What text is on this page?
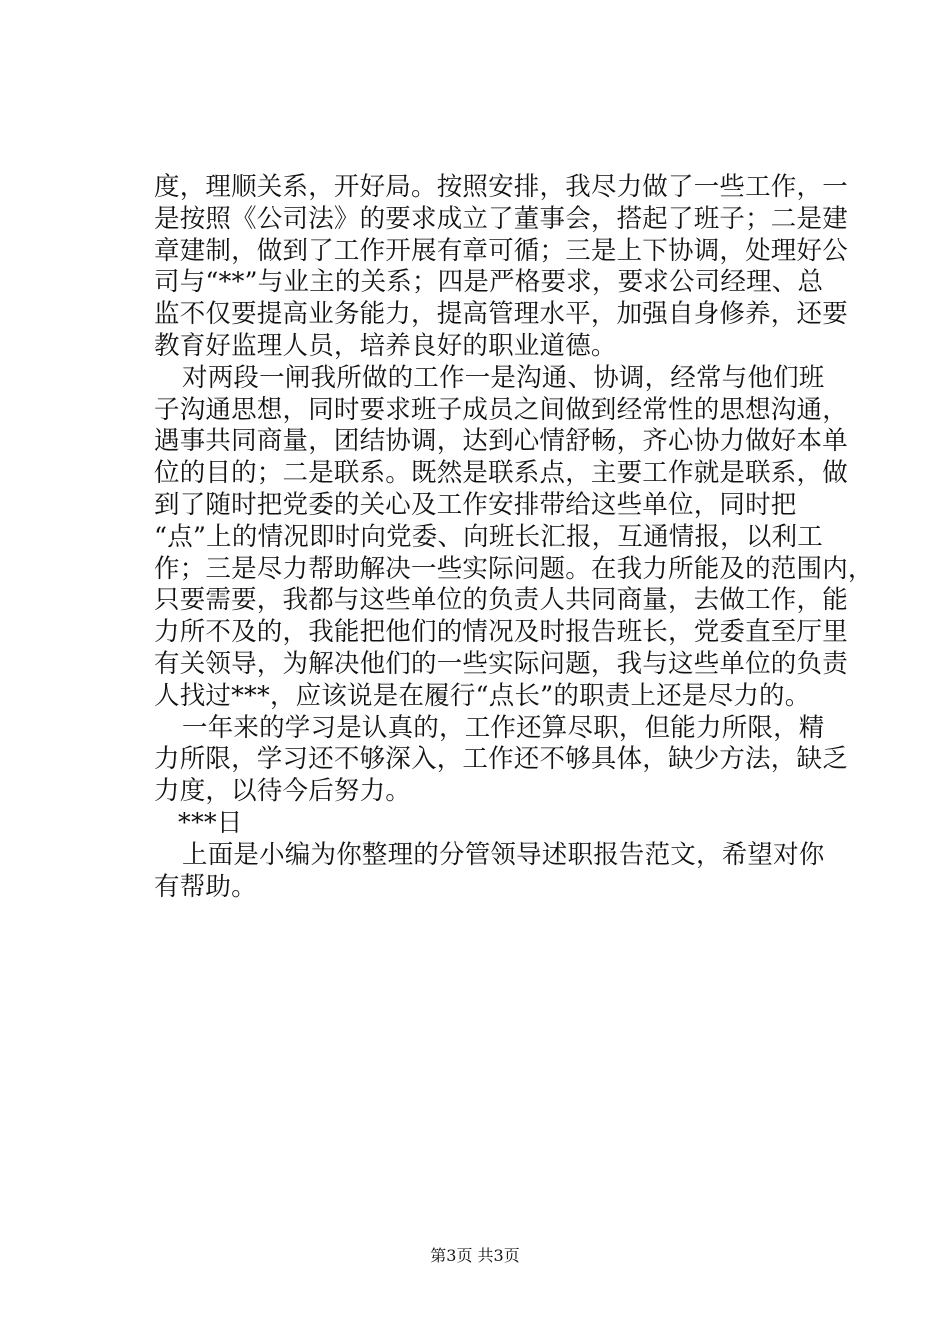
度，理顺关系，开好局。按照安排，我尽力做了一些工作，一
是按照《公司法》的要求成立了董事会，搭起了班子；二是建
章建制，做到了工作开展有章可循；三是上下协调，处理好公
司与“**”与业主的关系；四是严格要求，要求公司经理、总
监不仅要提高业务能力，提高管理水平，加强自身修养，还要
教育好监理人员，培养良好的职业道德。
对两段一闸我所做的工作一是沟通、协调，经常与他们班
子沟通思想，同时要求班子成员之间做到经常性的思想沟通，
遇事共同商量，团结协调，达到心情舒畅，齐心协力做好本单
位的目的；二是联系。既然是联系点，主要工作就是联系，做
到了随时把党委的关心及工作安排带给这些单位，同时把
“点”上的情况即时向党委、向班长汇报，互通情报，以利工
作；三是尽力帮助解决一些实际问题。在我力所能及的范围内，
只要需要，我都与这些单位的负责人共同商量，去做工作，能
力所不及的，我能把他们的情况及时报告班长，党委直至厅里
有关领导，为解决他们的一些实际问题，我与这些单位的负责
人找过***，应该说是在履行“点长”的职责上还是尽力的。
一年来的学习是认真的，工作还算尽职，但能力所限，精
力所限，学习还不够深入，工作还不够具体，缺少方法，缺乏
力度，以待今后努力。
***日
上面是小编为你整理的分管领导述职报告范文，希望对你
有帮助。
第3页 共3页
